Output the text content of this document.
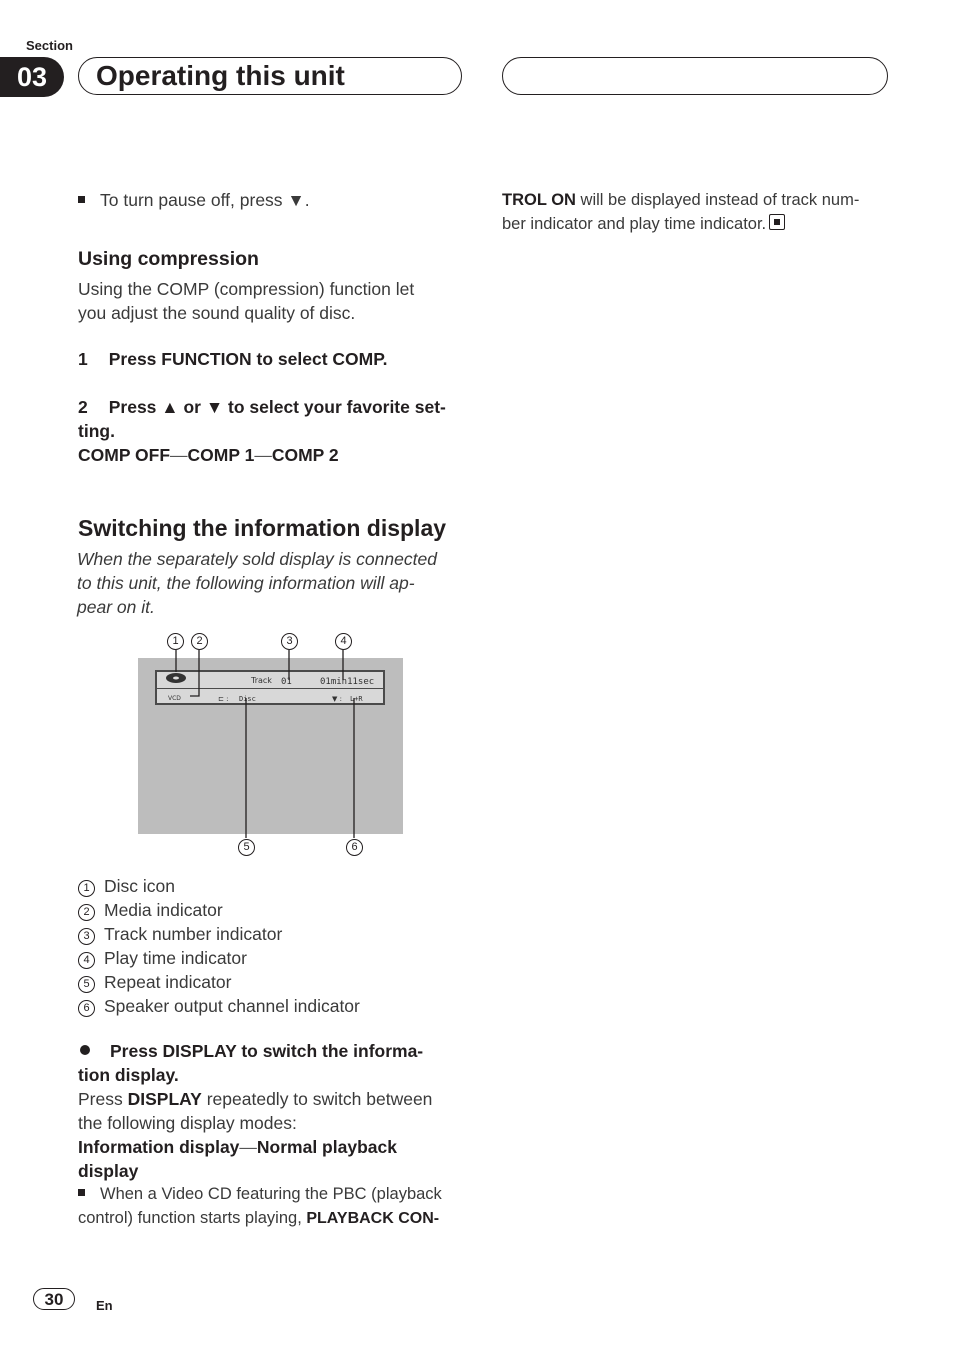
Section
03	Operating this unit
To turn pause off, press ▼.
Using compression
Using the COMP (compression) function let
you adjust the sound quality of disc.
1 Press FUNCTION to select COMP.
2 Press ▲ or ▼ to select your favorite set-
ting.
COMP OFF—COMP 1—COMP 2
Switching the information display
When the separately sold display is connected
to this unit, the following information will ap-
pear on it.
Track 01	01min11sec
VCD	⊏ : Disc	▼ : L+R
1	2	3	4
5	6
1 Disc icon
2 Media indicator
3 Track number indicator
4 Play time indicator
5 Repeat indicator
6 Speaker output channel indicator
Press DISPLAY to switch the informa-
tion display.
Press DISPLAY repeatedly to switch between
the following display modes:
Information display—Normal playback
display
When a Video CD featuring the PBC (playback
control) function starts playing, PLAYBACK CON-
TROL ON will be displayed instead of track num-
ber indicator and play time indicator.
30	En
